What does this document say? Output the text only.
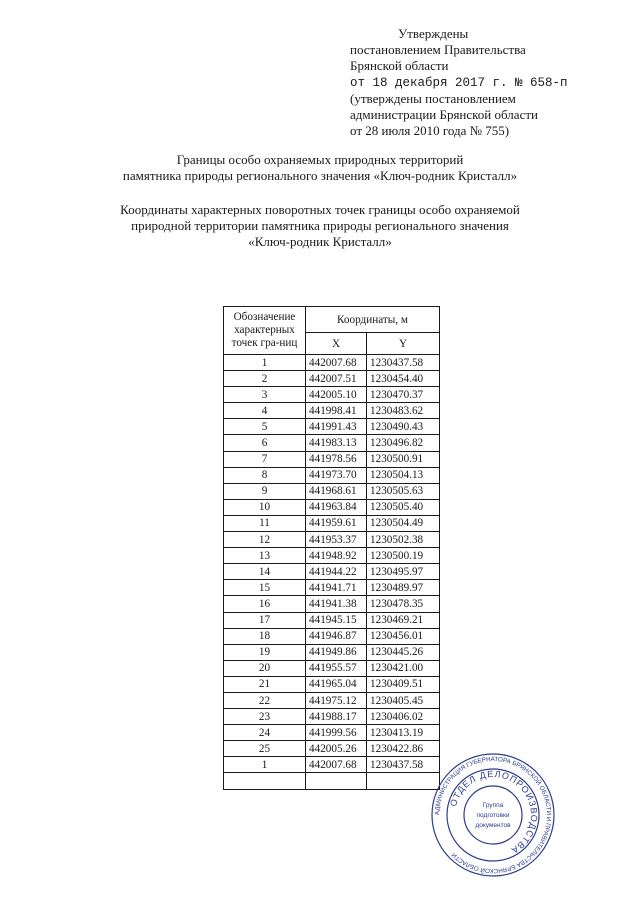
Утверждены
постановлением Правительства
Брянской области
от 18 декабря 2017 г. № 658-п
(утверждены постановлением
администрации Брянской области
от 28 июля 2010 года № 755)
Границы особо охраняемых природных территорий
памятника природы регионального значения «Ключ-родник Кристалл»
Координаты характерных поворотных точек границы особо охраняемой
природной территории памятника природы регионального значения
«Ключ-родник Кристалл»
Обозначение характерных точек гра-ниц	Координаты, м	
	X	Y
1	442007.68	1230437.58
2	442007.51	1230454.40
3	442005.10	1230470.37
4	441998.41	1230483.62
5	441991.43	1230490.43
6	441983.13	1230496.82
7	441978.56	1230500.91
8	441973.70	1230504.13
9	441968.61	1230505.63
10	441963.84	1230505.40
11	441959.61	1230504.49
12	441953.37	1230502.38
13	441948.92	1230500.19
14	441944.22	1230495.97
15	441941.71	1230489.97
16	441941.38	1230478.35
17	441945.15	1230469.21
18	441946.87	1230456.01
19	441949.86	1230445.26
20	441955.57	1230421.00
21	441965.04	1230409.51
22	441975.12	1230405.45
23	441988.17	1230406.02
24	441999.56	1230413.19
25	442005.26	1230422.86
1	442007.68	1230437.58

АДМИНИСТРАЦИЯ ГУБЕРНАТОРА БРЯНСКОЙ ОБЛАСТИ И ПРАВИТЕЛЬСТВА БРЯНСКОЙ ОБЛАСТИ
ОТДЕЛ ДЕЛОПРОИЗВОДСТВА
Группа
подготовки
документов
